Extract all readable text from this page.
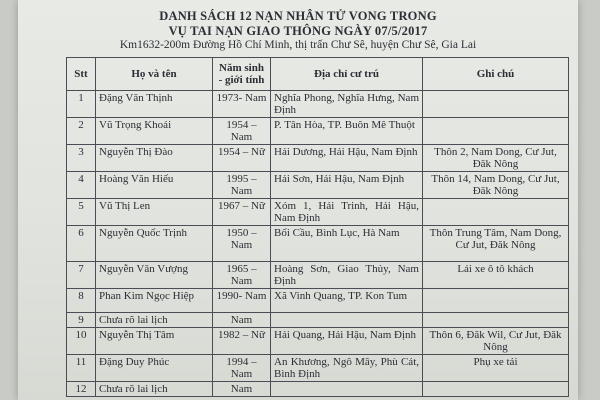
DANH SÁCH 12 NẠN NHÂN TỬ VONG TRONG
VỤ TAI NẠN GIAO THÔNG NGÀY 07/5/2017
Km1632-200m Đường Hồ Chí Minh, thị trấn Chư Sê, huyện Chư Sê, Gia Lai
Stt	Họ và tên	Năm sinh - giới tính	Địa chỉ cư trú	Ghi chú
1	Đặng Văn Thịnh	1973- Nam	Nghĩa Phong, Nghĩa Hưng, Nam Định	
2	Vũ Trọng Khoái	1954 – Nam	P. Tân Hòa, TP. Buôn Mê Thuột	
3	Nguyễn Thị Đào	1954 – Nữ	Hải Dương, Hải Hậu, Nam Định	Thôn 2, Nam Dong, Cư Jut, Đăk Nông
4	Hoàng Văn Hiếu	1995 – Nam	Hải Sơn, Hải Hậu, Nam Định	Thôn 14, Nam Dong, Cư Jut, Đăk Nông
5	Vũ Thị Len	1967 – Nữ	Xóm 1, Hải Trinh, Hải Hậu, Nam Định	
6	Nguyễn Quốc Trịnh	1950 – Nam	Bối Cầu, Bình Lục, Hà Nam	Thôn Trung Tâm, Nam Dong, Cư Jut, Đăk Nông
7	Nguyễn Văn Vượng	1965 – Nam	Hoàng Sơn, Giao Thủy, Nam Định	Lái xe ô tô khách
8	Phan Kim Ngọc Hiệp	1990- Nam	Xã Vinh Quang, TP. Kon Tum	
9	Chưa rõ lai lịch	Nam		
10	Nguyễn Thị Tâm	1982 – Nữ	Hải Quang, Hải Hậu, Nam Định	Thôn 6, Đăk Wil, Cư Jut, Đăk Nông
11	Đặng Duy Phúc	1994 – Nam	An Khương, Ngô Mây, Phù Cát, Bình Định	Phụ xe tải
12	Chưa rõ lai lịch	Nam		
